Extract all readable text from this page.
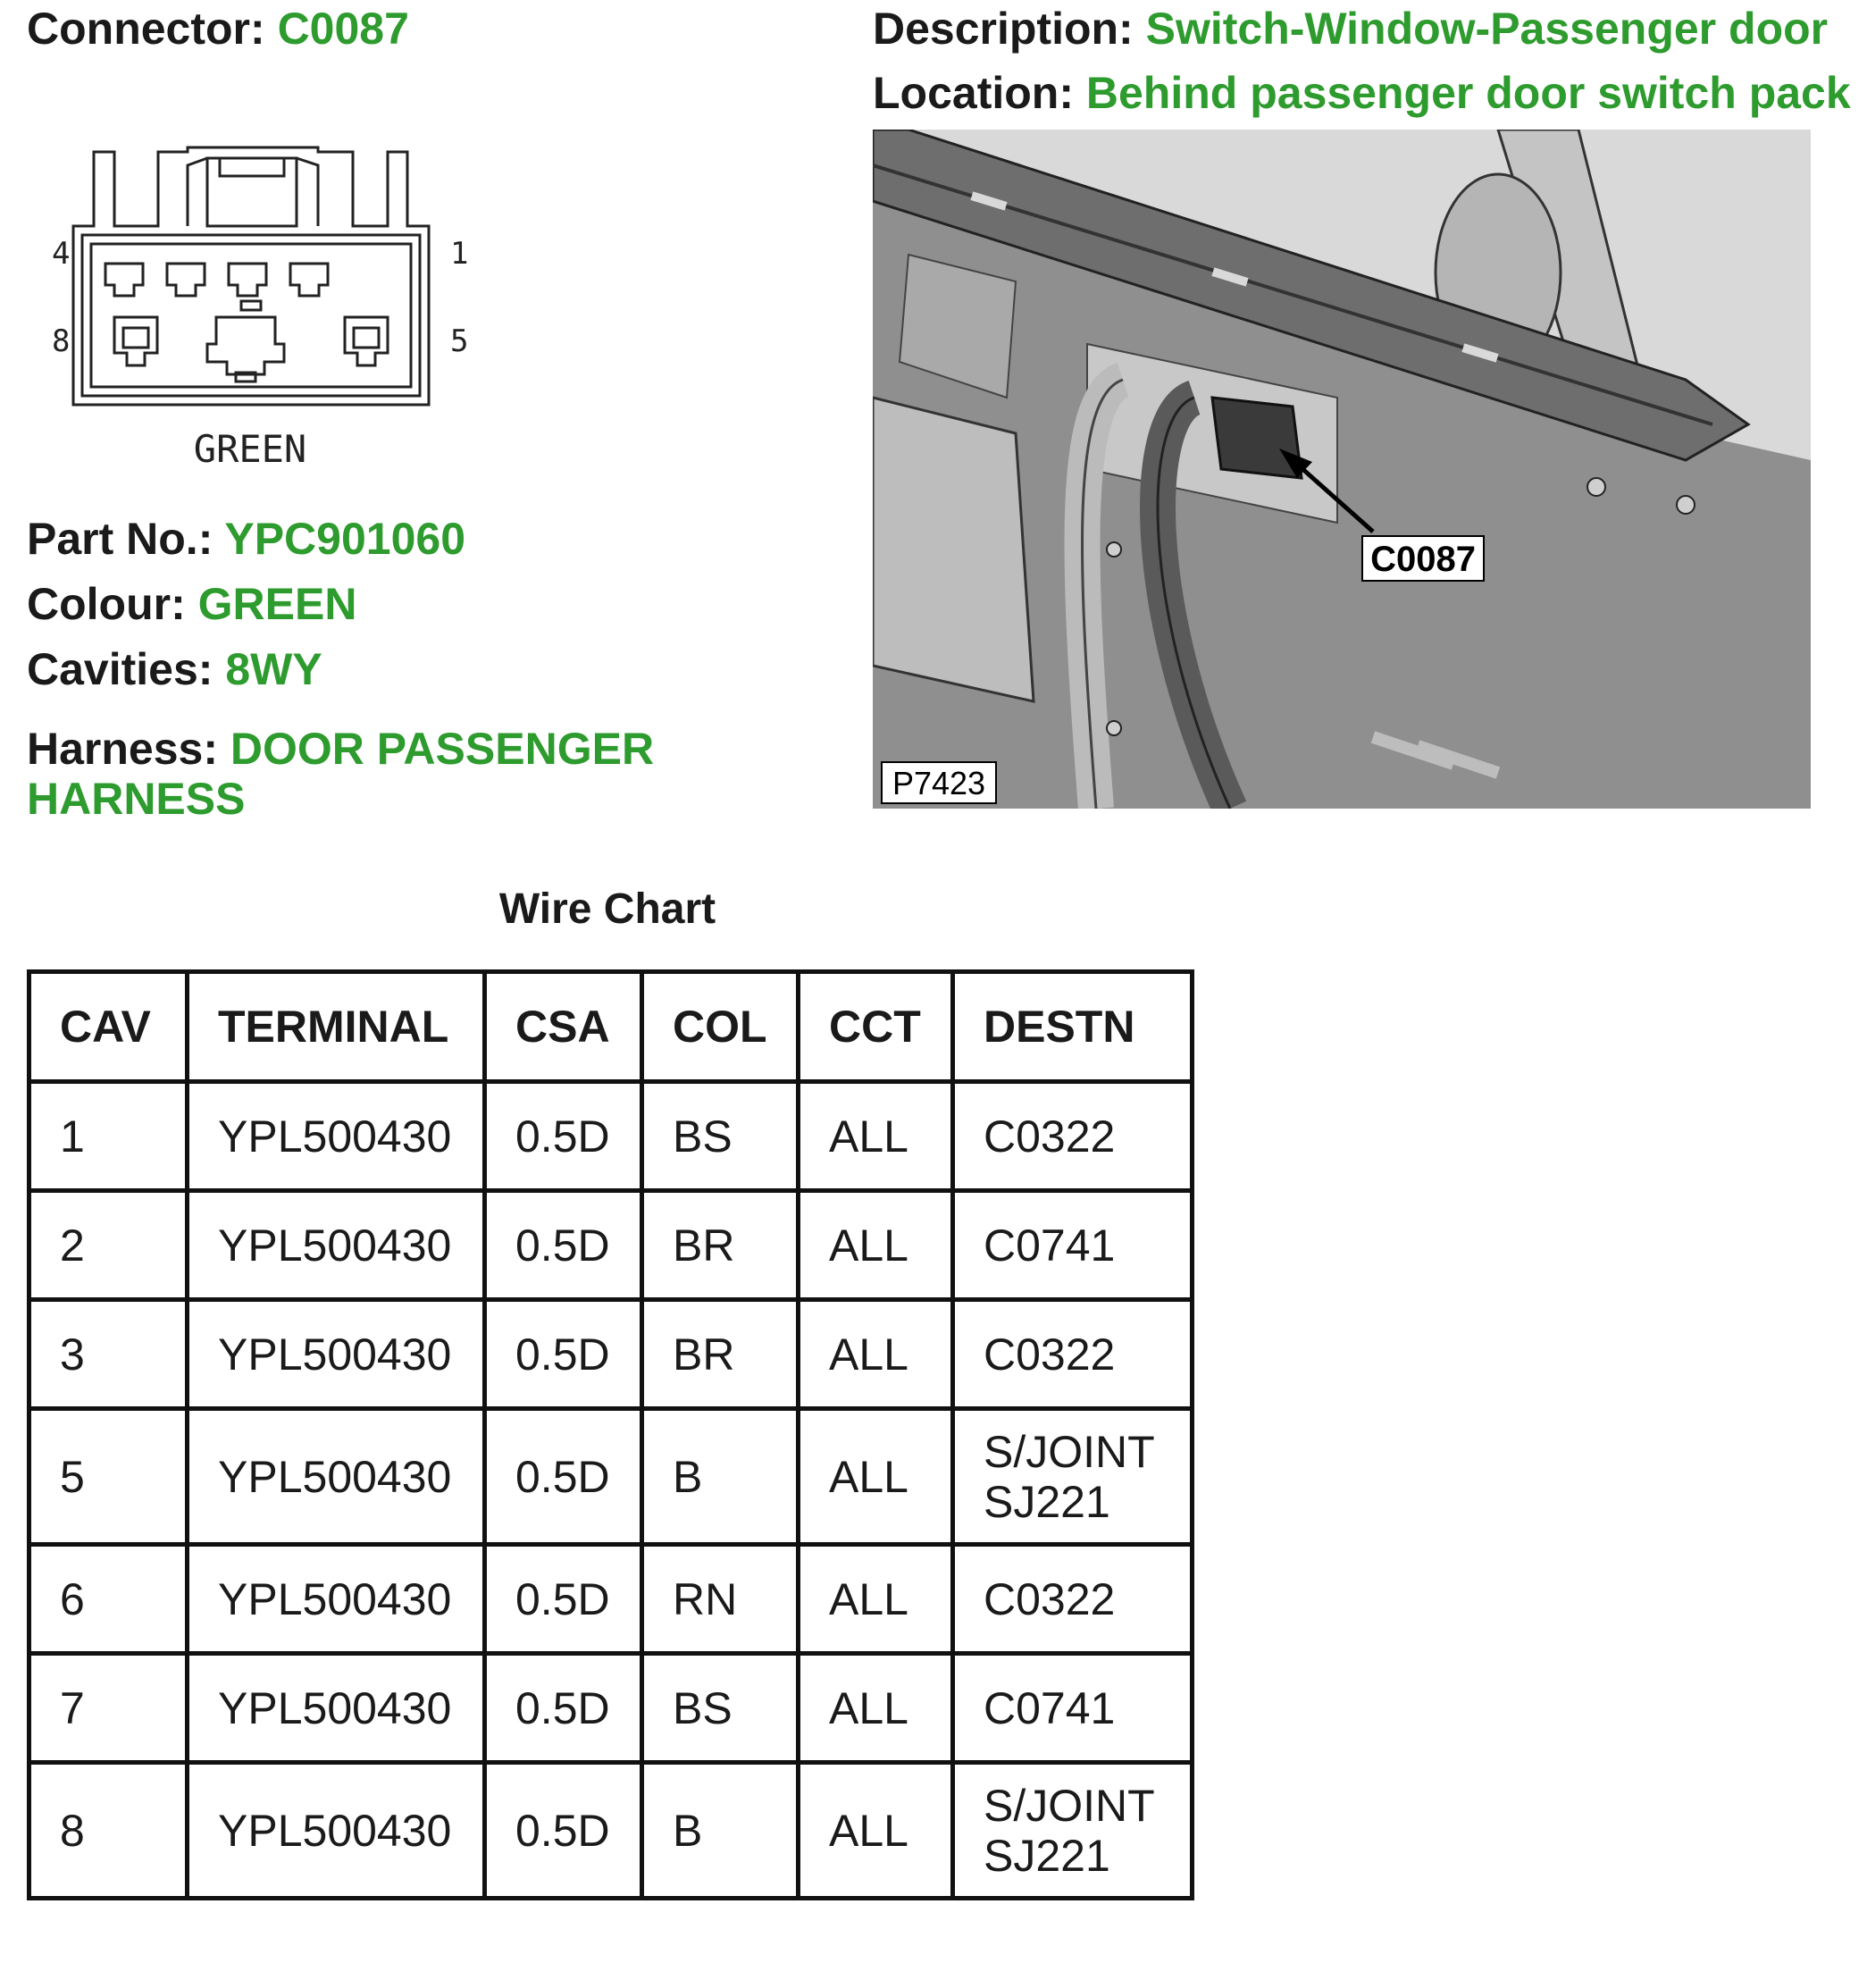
Connector: C0087	Description: Switch-Window-Passenger door
Location: Behind passenger door switch pack
4	1
8	5
GREEN
Part No.: YPC901060
Colour: GREEN
Cavities: 8WY
Harness: DOOR PASSENGER HARNESS
C0087
P7423
Wire Chart
CAV	TERMINAL	CSA	COL	CCT	DESTN
1	YPL500430	0.5D	BS	ALL	C0322
2	YPL500430	0.5D	BR	ALL	C0741
3	YPL500430	0.5D	BR	ALL	C0322
5	YPL500430	0.5D	B	ALL	S/JOINT SJ221
6	YPL500430	0.5D	RN	ALL	C0322
7	YPL500430	0.5D	BS	ALL	C0741
8	YPL500430	0.5D	B	ALL	S/JOINT SJ221
